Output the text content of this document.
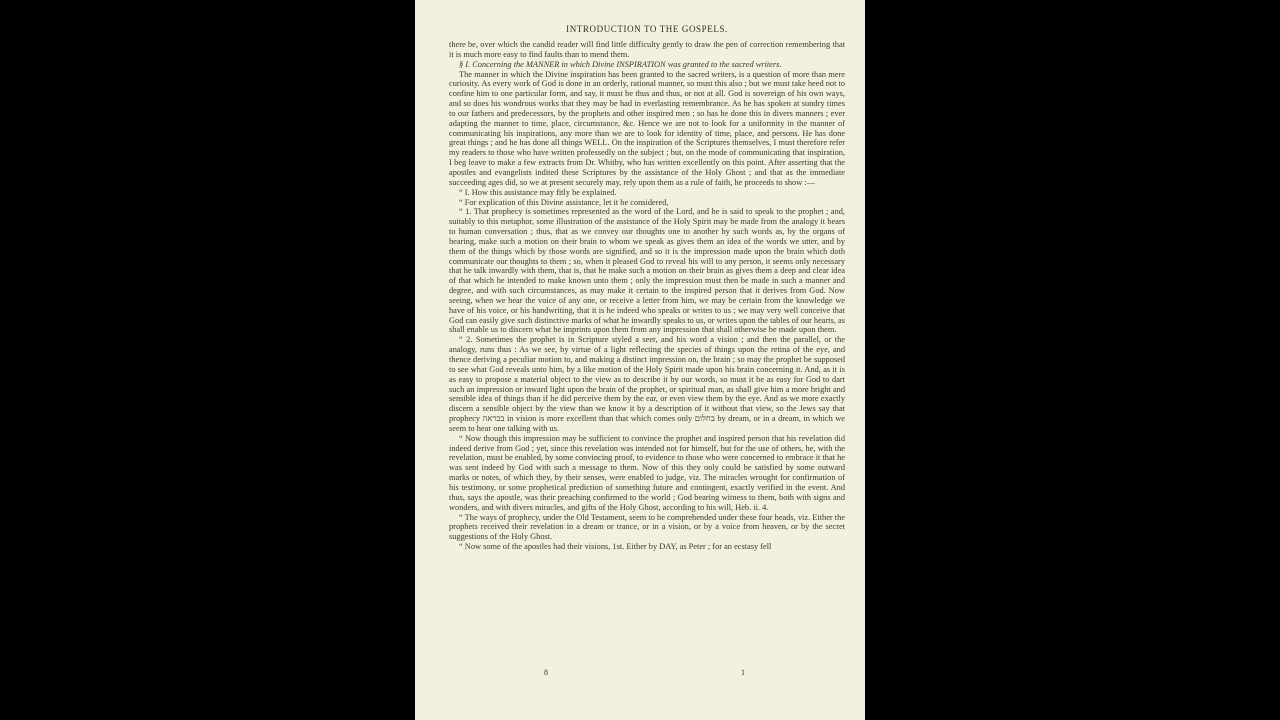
INTRODUCTION TO THE GOSPELS.

there be, over which the candid reader will find little difficulty gently to draw the pen of correction remembering that it is much more easy to find faults than to mend them.

§ I. Concerning the MANNER in which Divine INSPIRATION was granted to the sacred writers.

The manner in which the Divine inspiration has been granted to the sacred writers, is a question of more than mere curiosity. As every work of God is done in an orderly, rational manner, so must this also ; but we must take heed not to confine him to one particular form, and say, it must be thus and thus, or not at all. God is sovereign of his own ways, and so does his wondrous works that they may be had in everlasting remembrance. As he has spoken at sundry times to our fathers and predecessors, by the prophets and other inspired men ; so has he done this in divers manners ; ever adapting the manner to time, place, circumstance, &c. Hence we are not to look for a uniformity in the manner of communicating his inspirations, any more than we are to look for identity of time, place, and persons. He has done great things ; and he has done all things WELL. On the inspiration of the Scriptures themselves, I must therefore refer my readers to those who have written professedly on the subject ; but, on the mode of communicating that inspiration, I beg leave to make a few extracts from Dr. Whitby, who has written excellently on this point. After asserting that the apostles and evangelists indited these Scriptures by the assistance of the Holy Ghost ; and that as the immediate succeeding ages did, so we at present securely may, rely upon them as a rule of faith, he proceeds to show :—

“ I. How this assistance may fitly be explained.

“ For explication of this Divine assistance, let it be considered,

“ 1. That prophecy is sometimes represented as the word of the Lord, and he is said to speak to the prophet ; and, suitably to this metaphor, some illustration of the assistance of the Holy Spirit may be made from the analogy it bears to human conversation ; thus, that as we convey our thoughts one to another by such words as, by the organs of hearing, make such a motion on their brain to whom we speak as gives them an idea of the words we utter, and by them of the things which by those words are signified, and so it is the impression made upon the brain which doth communicate our thoughts to them ; so, when it pleased God to reveal his will to any person, it seems only necessary that he talk inwardly with them, that is, that he make such a motion on their brain as gives them a deep and clear idea of that which he intended to make known unto them ; only the impression must then be made in such a manner and degree, and with such circumstances, as may make it certain to the inspired person that it derives from God. Now seeing, when we hear the voice of any one, or receive a letter from him, we may be certain from the knowledge we have of his voice, or his handwriting, that it is he indeed who speaks or writes to us ; we may very well conceive that God can easily give such distinctive marks of what he inwardly speaks to us, or writes upon the tables of our hearts, as shall enable us to discern what he imprints upon them from any impression that shall otherwise be made upon them.

“ 2. Sometimes the prophet is in Scripture styled a seer, and his word a vision ; and then the parallel, or the analogy, runs thus : As we see, by virtue of a light reflecting the species of things upon the retina of the eye, and thence deriving a peculiar motion to, and making a distinct impression on, the brain ; so may the prophet be supposed to see what God reveals unto him, by a like motion of the Holy Spirit made upon his brain concerning it. And, as it is as easy to propose a material object to the view as to describe it by our words, so must it be as easy for God to dart such an impression or inward light upon the brain of the prophet, or spiritual man, as shall give him a more bright and sensible idea of things than if he did perceive them by the ear, or even view them by the eye. And as we more exactly discern a sensible object by the view than we know it by a description of it without that view, so the Jews say that prophecy בכראה in vision is more excellent than that which comes only בחלום by dream, or in a dream, in which we seem to hear one talking with us.

“ Now though this impression may be sufficient to convince the prophet and inspired person that his revelation did indeed derive from God ; yet, since this revelation was intended not for himself, but for the use of others, he, with the revelation, must be enabled, by some convincing proof, to evidence to those who were concerned to embrace it that he was sent indeed by God with such a message to them. Now of this they only could be satisfied by some outward marks or notes, of which they, by their senses, were enabled to judge, viz. The miracles wrought for confirmation of his testimony, or some prophetical prediction of something future and contingent, exactly verified in the event. And thus, says the apostle, was their preaching confirmed to the world ; God bearing witness to them, both with signs and wonders, and with divers miracles, and gifts of the Holy Ghost, according to his will, Heb. ii. 4.

“ The ways of prophecy, under the Old Testament, seem to be comprehended under these four heads, viz. Either the prophets received their revelation in a dream or trance, or in a vision, or by a voice from heaven, or by the secret suggestions of the Holy Ghost.

“ Now some of the apostles had their visions, 1st. Either by DAY, as Peter ; for an ecstasy fell

8	1
